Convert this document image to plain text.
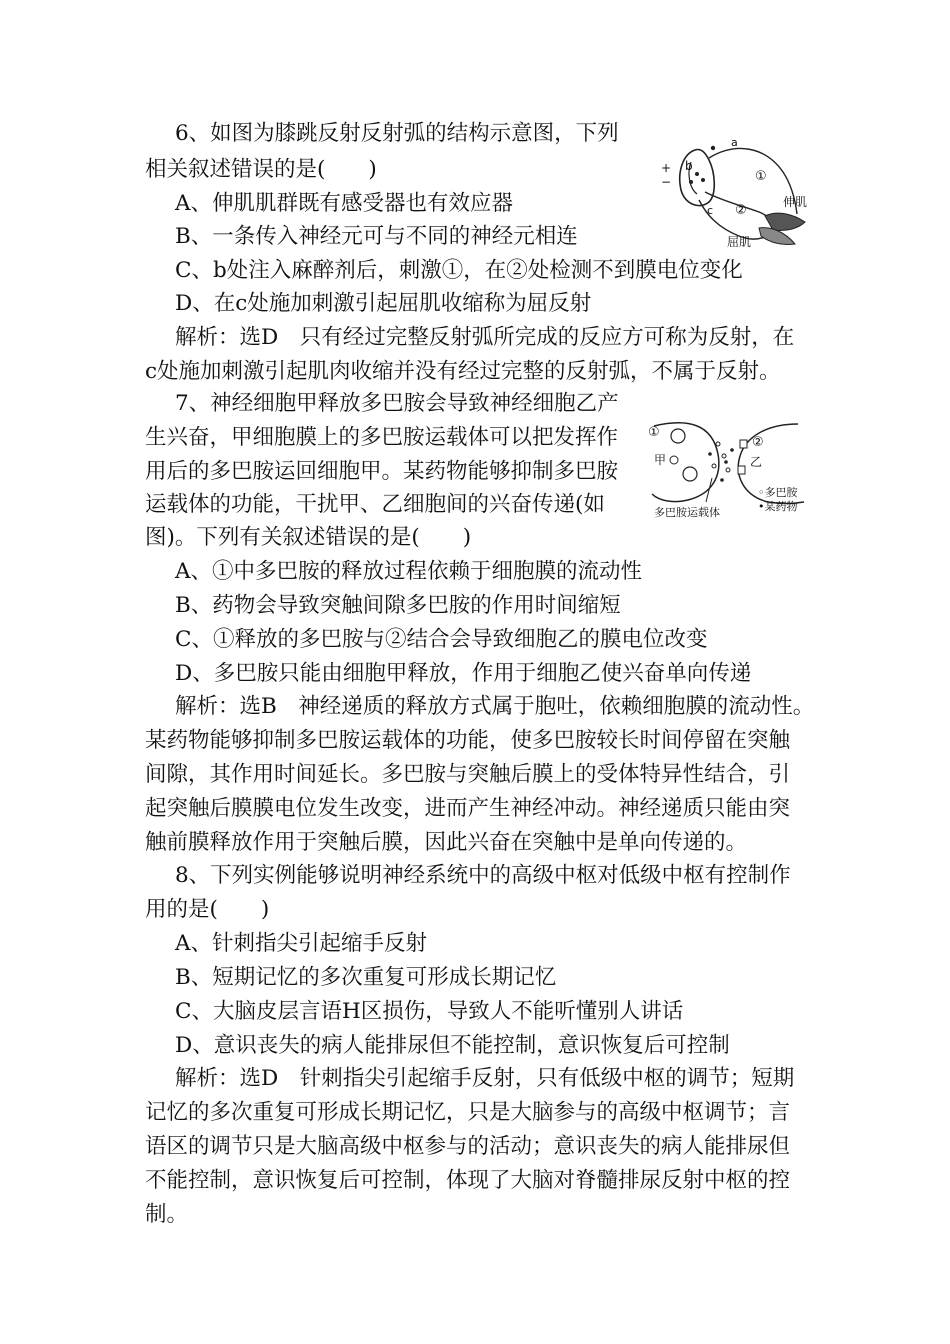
6、如图为膝跳反射反射弧的结构示意图，下列
相关叙述错误的是(　　)
A、伸肌肌群既有感受器也有效应器
B、一条传入神经元可与不同的神经元相连
C、b处注入麻醉剂后，刺激①，在②处检测不到膜电位变化
D、在c处施加刺激引起屈肌收缩称为屈反射
解析：选D　只有经过完整反射弧所完成的反应方可称为反射，在
c处施加刺激引起肌肉收缩并没有经过完整的反射弧，不属于反射。
+
−
b
a
c
①
②
伸肌
屈肌
7、神经细胞甲释放多巴胺会导致神经细胞乙产
生兴奋，甲细胞膜上的多巴胺运载体可以把发挥作
用后的多巴胺运回细胞甲。某药物能够抑制多巴胺
运载体的功能，干扰甲、乙细胞间的兴奋传递(如
图)。下列有关叙述错误的是(　　)
A、①中多巴胺的释放过程依赖于细胞膜的流动性
B、药物会导致突触间隙多巴胺的作用时间缩短
C、①释放的多巴胺与②结合会导致细胞乙的膜电位改变
D、多巴胺只能由细胞甲释放，作用于细胞乙使兴奋单向传递
解析：选B　神经递质的释放方式属于胞吐，依赖细胞膜的流动性。
某药物能够抑制多巴胺运载体的功能，使多巴胺较长时间停留在突触
间隙，其作用时间延长。多巴胺与突触后膜上的受体特异性结合，引
起突触后膜膜电位发生改变，进而产生神经冲动。神经递质只能由突
触前膜释放作用于突触后膜，因此兴奋在突触中是单向传递的。
①
②
甲	乙
◦多巴胺
•某药物
多巴胺运载体
8、下列实例能够说明神经系统中的高级中枢对低级中枢有控制作
用的是(　　)
A、针刺指尖引起缩手反射
B、短期记忆的多次重复可形成长期记忆
C、大脑皮层言语H区损伤，导致人不能听懂别人讲话
D、意识丧失的病人能排尿但不能控制，意识恢复后可控制
解析：选D　针刺指尖引起缩手反射，只有低级中枢的调节；短期
记忆的多次重复可形成长期记忆，只是大脑参与的高级中枢调节；言
语区的调节只是大脑高级中枢参与的活动；意识丧失的病人能排尿但
不能控制，意识恢复后可控制，体现了大脑对脊髓排尿反射中枢的控
制。
